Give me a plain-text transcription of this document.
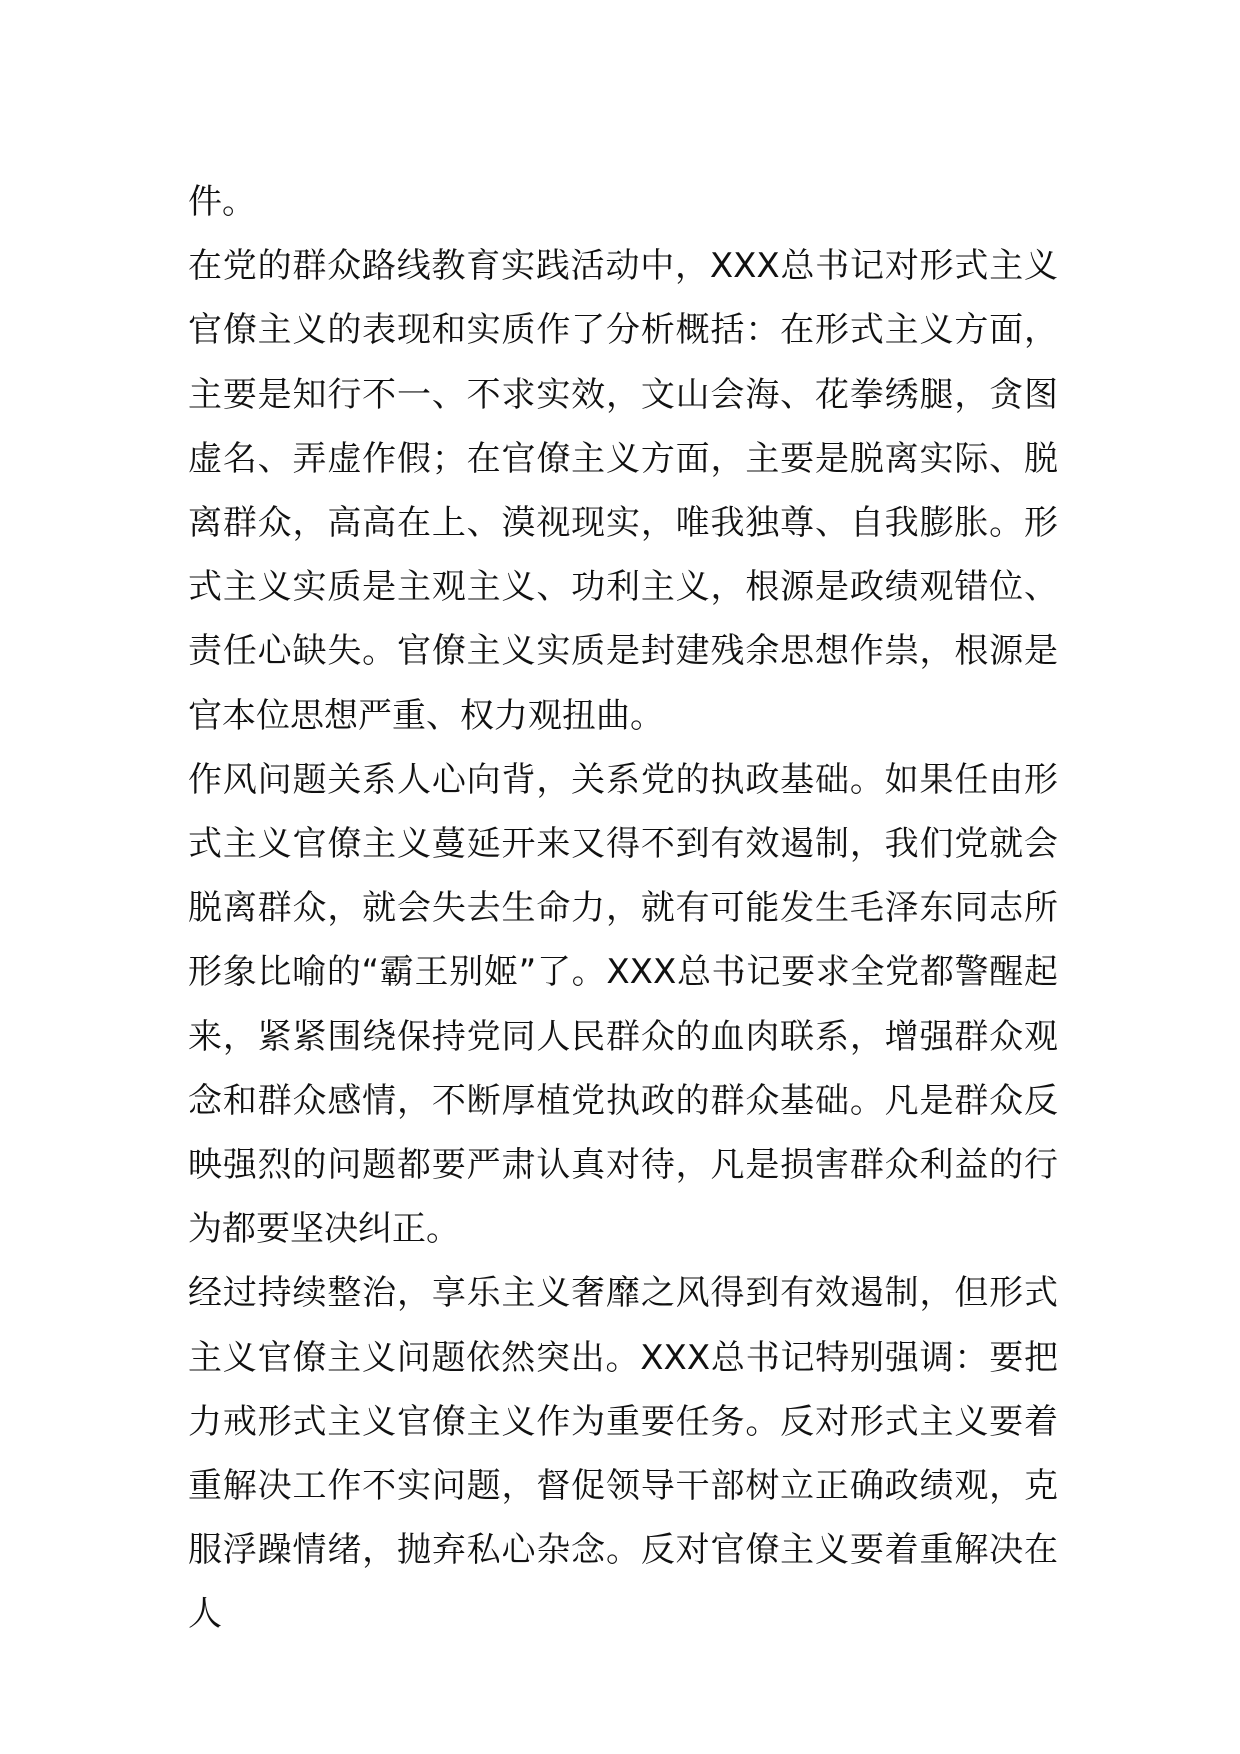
件。

在党的群众路线教育实践活动中，XXX总书记对形式主义官僚主义的表现和实质作了分析概括：在形式主义方面，主要是知行不一、不求实效，文山会海、花拳绣腿，贪图虚名、弄虚作假；在官僚主义方面，主要是脱离实际、脱离群众，高高在上、漠视现实，唯我独尊、自我膨胀。形式主义实质是主观主义、功利主义，根源是政绩观错位、责任心缺失。官僚主义实质是封建残余思想作祟，根源是官本位思想严重、权力观扭曲。

作风问题关系人心向背，关系党的执政基础。如果任由形式主义官僚主义蔓延开来又得不到有效遏制，我们党就会脱离群众，就会失去生命力，就有可能发生毛泽东同志所形象比喻的“霸王别姬”了。XXX总书记要求全党都警醒起来，紧紧围绕保持党同人民群众的血肉联系，增强群众观念和群众感情，不断厚植党执政的群众基础。凡是群众反映强烈的问题都要严肃认真对待，凡是损害群众利益的行为都要坚决纠正。

经过持续整治，享乐主义奢靡之风得到有效遏制，但形式主义官僚主义问题依然突出。XXX总书记特别强调：要把力戒形式主义官僚主义作为重要任务。反对形式主义要着重解决工作不实问题，督促领导干部树立正确政绩观，克服浮躁情绪，抛弃私心杂念。反对官僚主义要着重解决在人
